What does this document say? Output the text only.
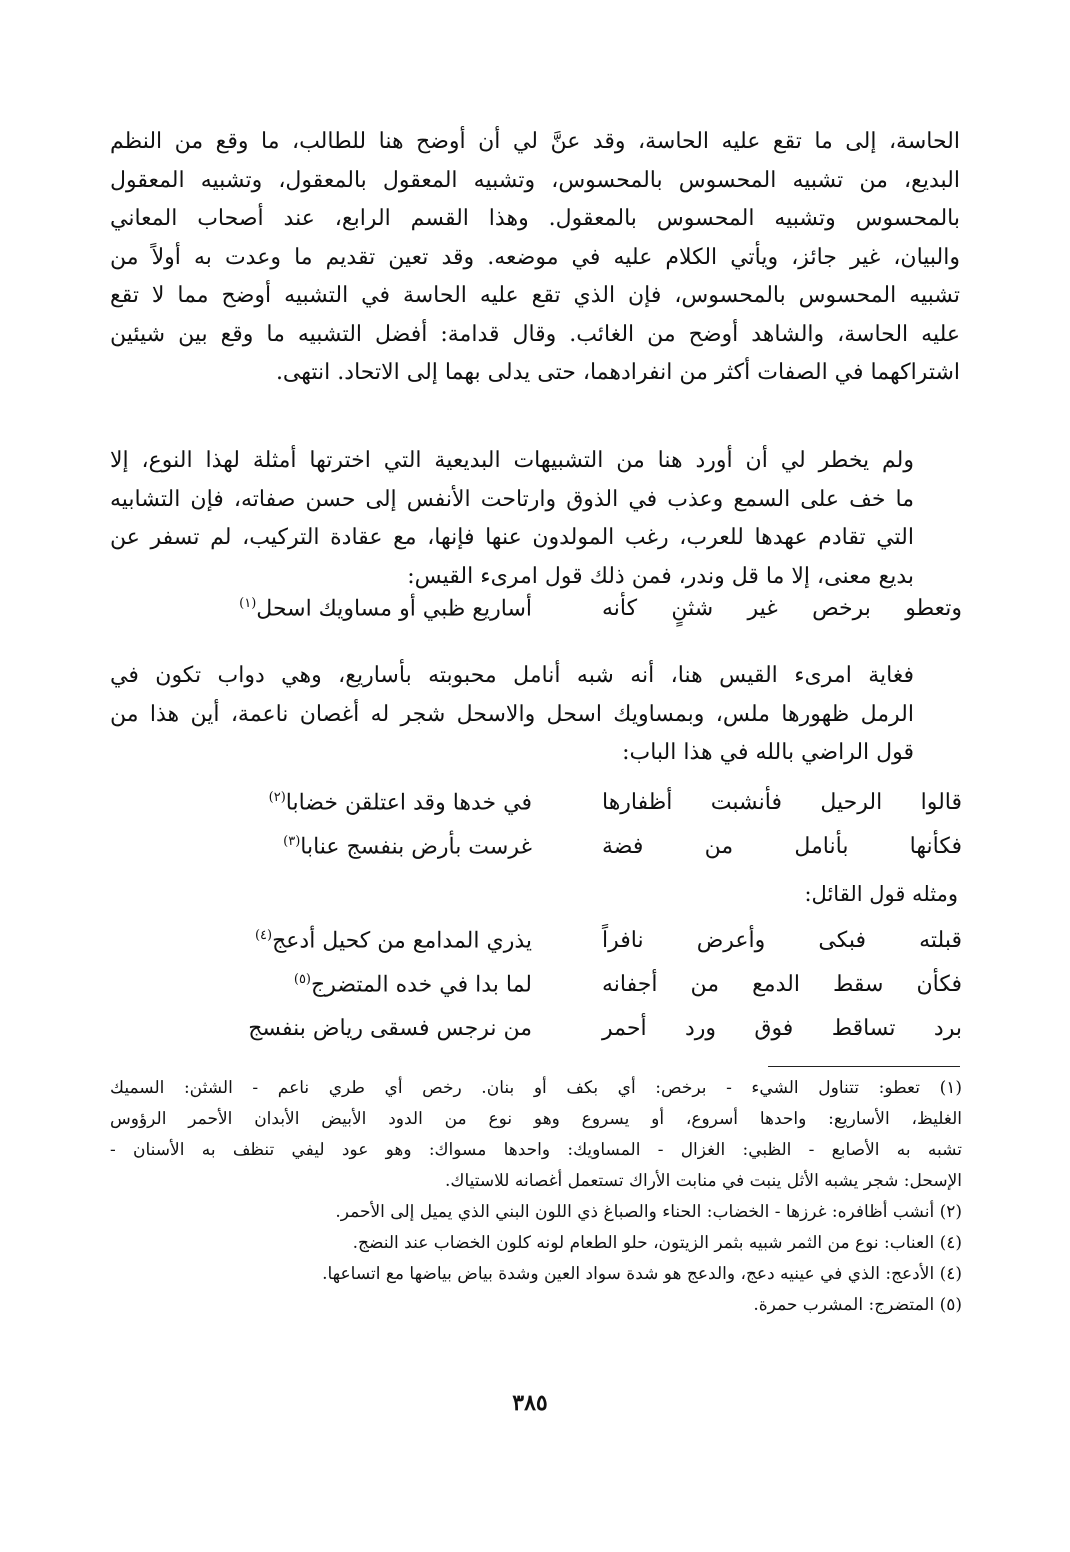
الحاسة، إلى ما تقع عليه الحاسة، وقد عنَّ لي أن أوضح هنا للطالب، ما وقع من النظم
البديع، من تشبيه المحسوس بالمحسوس، وتشبيه المعقول بالمعقول، وتشبيه المعقول
بالمحسوس وتشبيه المحسوس بالمعقول. وهذا القسم الرابع، عند أصحاب المعاني
والبيان، غير جائز، ويأتي الكلام عليه في موضعه. وقد تعين تقديم ما وعدت به أولاً من
تشبيه المحسوس بالمحسوس، فإن الذي تقع عليه الحاسة في التشبيه أوضح مما لا تقع
عليه الحاسة، والشاهد أوضح من الغائب. وقال قدامة: أفضل التشبيه ما وقع بين شيئين
اشتراكهما في الصفات أكثر من انفرادهما، حتى يدلى بهما إلى الاتحاد. انتهى.
ولم يخطر لي أن أورد هنا من التشبيهات البديعية التي اخترتها أمثلة لهذا النوع، إلا
ما خف على السمع وعذب في الذوق وارتاحت الأنفس إلى حسن صفاته، فإن التشابيه
التي تقادم عهدها للعرب، رغب المولدون عنها فإنها، مع عقادة التركيب، لم تسفر عن
بديع معنى، إلا ما قل وندر، فمن ذلك قول امرىء القيس:
وتعطو برخص غير شثنٍ كأنه
أساريع ظبي أو مساويك اسحل$^{(١)}$
فغاية امرىء القيس هنا، أنه شبه أنامل محبوبته بأساريع، وهي دواب تكون في
الرمل ظهورها ملس، وبمساويك اسحل والاسحل شجر له أغصان ناعمة، أين هذا من
قول الراضي بالله في هذا الباب:
قالوا الرحيل فأنشبت أظفارها
في خدها وقد اعتلقن خضابا$^{(٢)}$
فكأنها بأنامل من فضة
غرست بأرض بنفسج عنابا$^{(٣)}$
ومثله قول القائل:
قبلته فبكى وأعرض نافراً
يذري المدامع من كحيل أدعج$^{(٤)}$
فكأن سقط الدمع من أجفانه
لما بدا في خده المتضرج$^{(٥)}$
برد تساقط فوق ورد أحمر
من نرجس فسقى رياض بنفسج
(١) تعطو: تتناول الشيء - برخص: أي بكف أو بنان. رخص أي طري ناعم - الشثن: السميك
الغليظ، الأساريع: واحدها أسروع، أو يسروع وهو نوع من الدود الأبيض الأبدان الأحمر الرؤوس
تشبه به الأصابع - الظبي: الغزال - المساويك: واحدها مسواك: وهو عود ليفي تنظف به الأسنان -
الإسحل: شجر يشبه الأثل ينبت في منابت الأراك تستعمل أغصانه للاستياك.
(٢) أنشب أظافره: غرزها - الخضاب: الحناء والصباغ ذي اللون البني الذي يميل إلى الأحمر.
(٤) العناب: نوع من الثمر شبيه بثمر الزيتون، حلو الطعام لونه كلون الخضاب عند النضج.
(٤) الأدعج: الذي في عينيه دعج، والدعج هو شدة سواد العين وشدة بياض بياضها مع اتساعها.
(٥) المتضرج: المشرب حمرة.
٣٨٥
